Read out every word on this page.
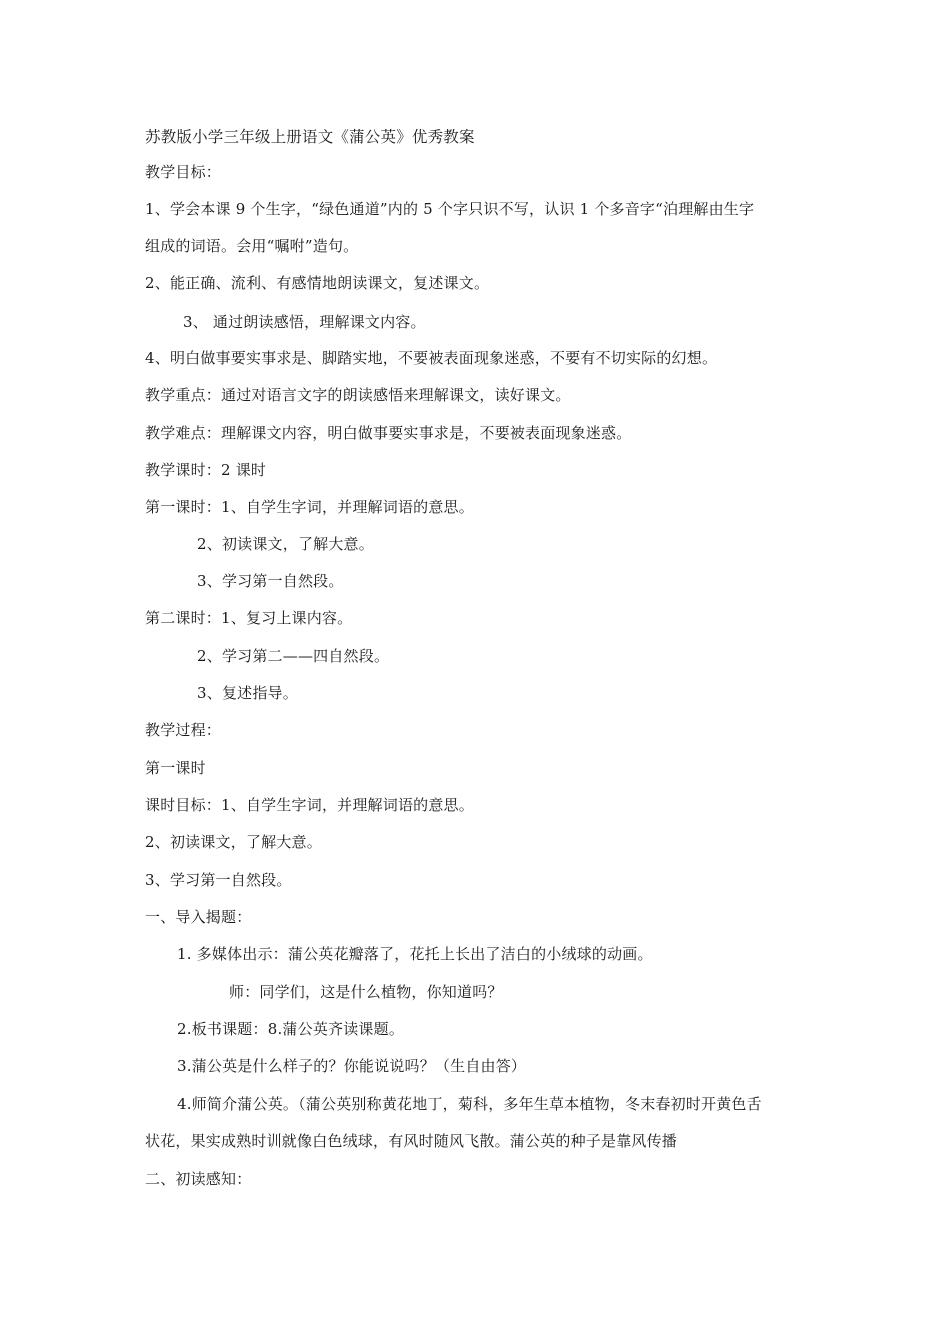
苏教版小学三年级上册语文《蒲公英》优秀教案
教学目标：
1、学会本课 9 个生字，“绿色通道”内的 5 个字只识不写，认识 1 个多音字“泊理解由生字
组成的词语。会用“嘱咐”造句。
2、能正确、流利、有感情地朗读课文，复述课文。
3、 通过朗读感悟，理解课文内容。
4、明白做事要实事求是、脚踏实地，不要被表面现象迷惑，不要有不切实际的幻想。
教学重点：通过对语言文字的朗读感悟来理解课文，读好课文。
教学难点：理解课文内容，明白做事要实事求是，不要被表面现象迷惑。
教学课时：2 课时
第一课时：1、自学生字词，并理解词语的意思。
2、初读课文，了解大意。
3、学习第一自然段。
第二课时：1、复习上课内容。
2、学习第二——四自然段。
3、复述指导。
教学过程：
第一课时
课时目标：1、自学生字词，并理解词语的意思。
2、初读课文，了解大意。
3、学习第一自然段。
一、导入揭题：
1. 多媒体出示：蒲公英花瓣落了，花托上长出了洁白的小绒球的动画。
师：同学们，这是什么植物，你知道吗？
2.板书课题：8.蒲公英齐读课题。
3.蒲公英是什么样子的？你能说说吗？（生自由答）
4.师简介蒲公英。（蒲公英别称黄花地丁，菊科，多年生草本植物，冬末春初时开黄色舌
状花，果实成熟时训就像白色绒球，有风时随风飞散。蒲公英的种子是靠风传播
二、初读感知：
